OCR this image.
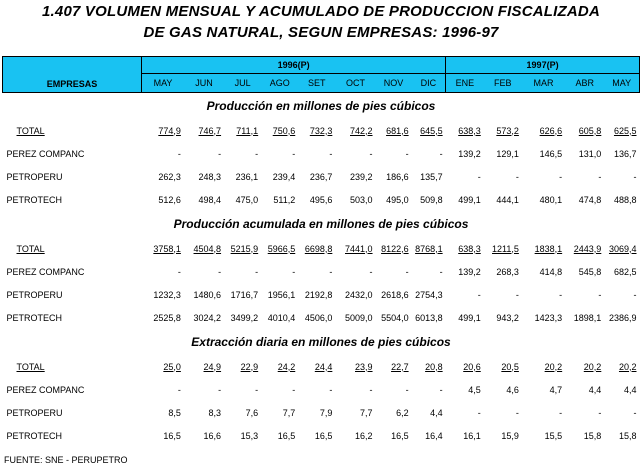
1.407 VOLUMEN MENSUAL Y ACUMULADO DE PRODUCCION FISCALIZADA
DE GAS NATURAL, SEGUN EMPRESAS: 1996-97
EMPRESAS	1996(P)								1997(P)				
	MAY	JUN	JUL	AGO	SET	OCT	NOV	DIC	ENE	FEB	MAR	ABR	MAY
Producción en millones de pies cúbicos													
TOTAL	774,9	746,7	711,1	750,6	732,3	742,2	681,6	645,5	638,3	573,2	626,6	605,8	625,5
PEREZ COMPANC	-	-	-	-	-	-	-	-	139,2	129,1	146,5	131,0	136,7
PETROPERU	262,3	248,3	236,1	239,4	236,7	239,2	186,6	135,7	-	-	-	-	-
PETROTECH	512,6	498,4	475,0	511,2	495,6	503,0	495,0	509,8	499,1	444,1	480,1	474,8	488,8
Producción acumulada en millones de pies cúbicos													
TOTAL	3758,1	4504,8	5215,9	5966,5	6698,8	7441,0	8122,6	8768,1	638,3	1211,5	1838,1	2443,9	3069,4
PEREZ COMPANC	-	-	-	-	-	-	-	-	139,2	268,3	414,8	545,8	682,5
PETROPERU	1232,3	1480,6	1716,7	1956,1	2192,8	2432,0	2618,6	2754,3	-	-	-	-	-
PETROTECH	2525,8	3024,2	3499,2	4010,4	4506,0	5009,0	5504,0	6013,8	499,1	943,2	1423,3	1898,1	2386,9
Extracción diaria en millones de pies cúbicos													
TOTAL	25,0	24,9	22,9	24,2	24,4	23,9	22,7	20,8	20,6	20,5	20,2	20,2	20,2
PEREZ COMPANC	-	-	-	-	-	-	-	-	4,5	4,6	4,7	4,4	4,4
PETROPERU	8,5	8,3	7,6	7,7	7,9	7,7	6,2	4,4	-	-	-	-	-
PETROTECH	16,5	16,6	15,3	16,5	16,5	16,2	16,5	16,4	16,1	15,9	15,5	15,8	15,8
FUENTE: SNE - PERUPETRO
